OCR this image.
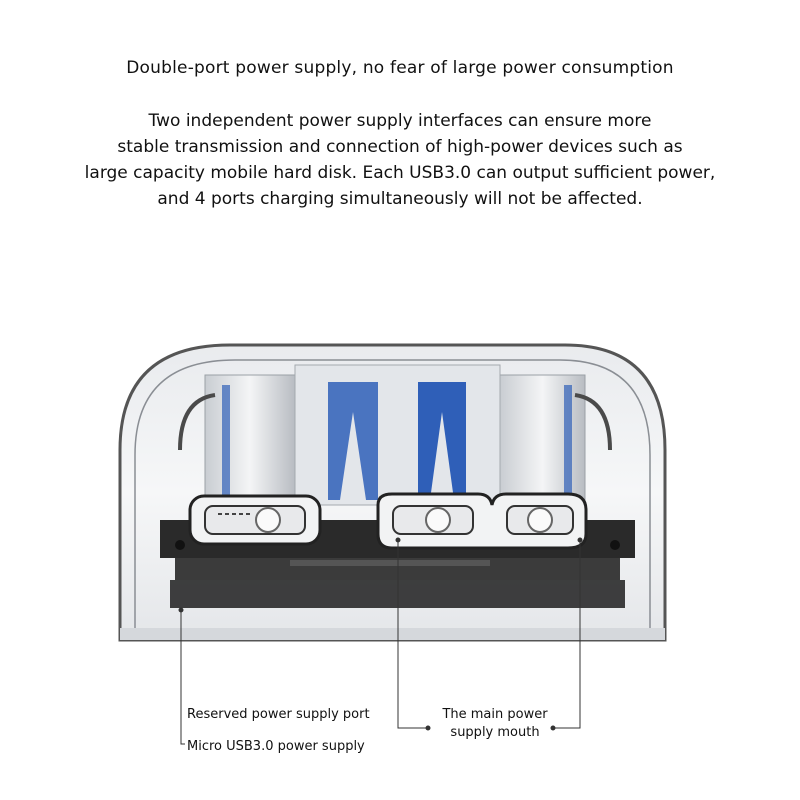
Double-port power supply, no fear of large power consumption
Two independent power supply interfaces can ensure more
stable transmission and connection of high-power devices such as
large capacity mobile hard disk. Each USB3.0 can output sufficient power,
and 4 ports charging simultaneously will not be affected.
Reserved power supply port
Micro USB3.0 power supply
The main power
supply mouth
